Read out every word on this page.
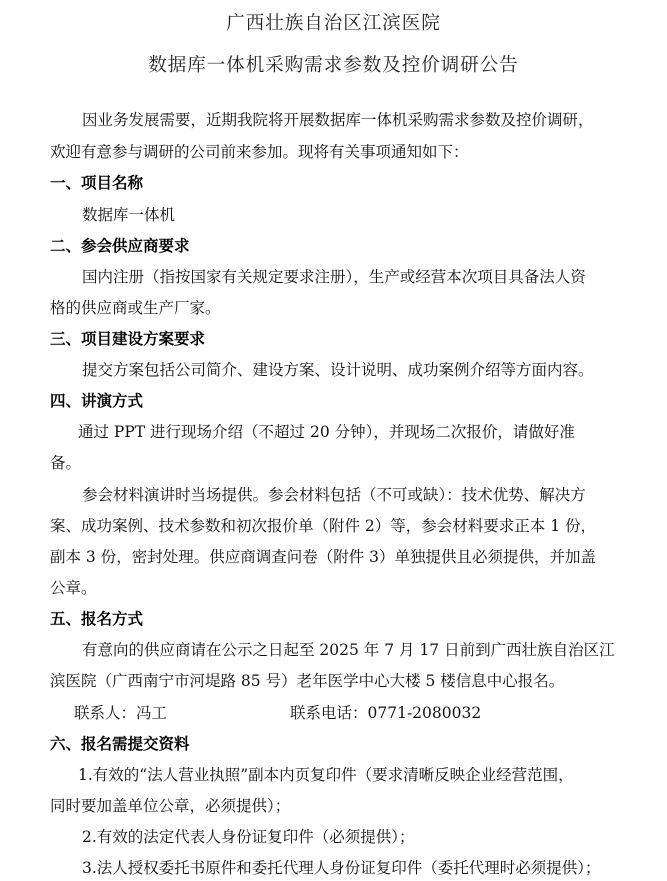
广西壮族自治区江滨医院
数据库一体机采购需求参数及控价调研公告
因业务发展需要，近期我院将开展数据库一体机采购需求参数及控价调研，
欢迎有意参与调研的公司前来参加。现将有关事项通知如下：
一、项目名称
数据库一体机
二、参会供应商要求
国内注册（指按国家有关规定要求注册），生产或经营本次项目具备法人资
格的供应商或生产厂家。
三、项目建设方案要求
提交方案包括公司简介、建设方案、设计说明、成功案例介绍等方面内容。
四、讲演方式
通过 PPT 进行现场介绍（不超过 20 分钟），并现场二次报价，请做好准
备。
参会材料演讲时当场提供。参会材料包括（不可或缺）：技术优势、解决方
案、成功案例、技术参数和初次报价单（附件 2）等，参会材料要求正本 1 份，
副本 3 份，密封处理。供应商调查问卷（附件 3）单独提供且必须提供，并加盖
公章。
五、报名方式
有意向的供应商请在公示之日起至 2025 年 7 月 17 日前到广西壮族自治区江
滨医院（广西南宁市河堤路 85 号）老年医学中心大楼 5 楼信息中心报名。
联系人：冯工	联系电话：0771-2080032
六、报名需提交资料
1.有效的“法人营业执照”副本内页复印件（要求清晰反映企业经营范围，
同时要加盖单位公章，必须提供）；
2.有效的法定代表人身份证复印件（必须提供）；
3.法人授权委托书原件和委托代理人身份证复印件（委托代理时必须提供）；
